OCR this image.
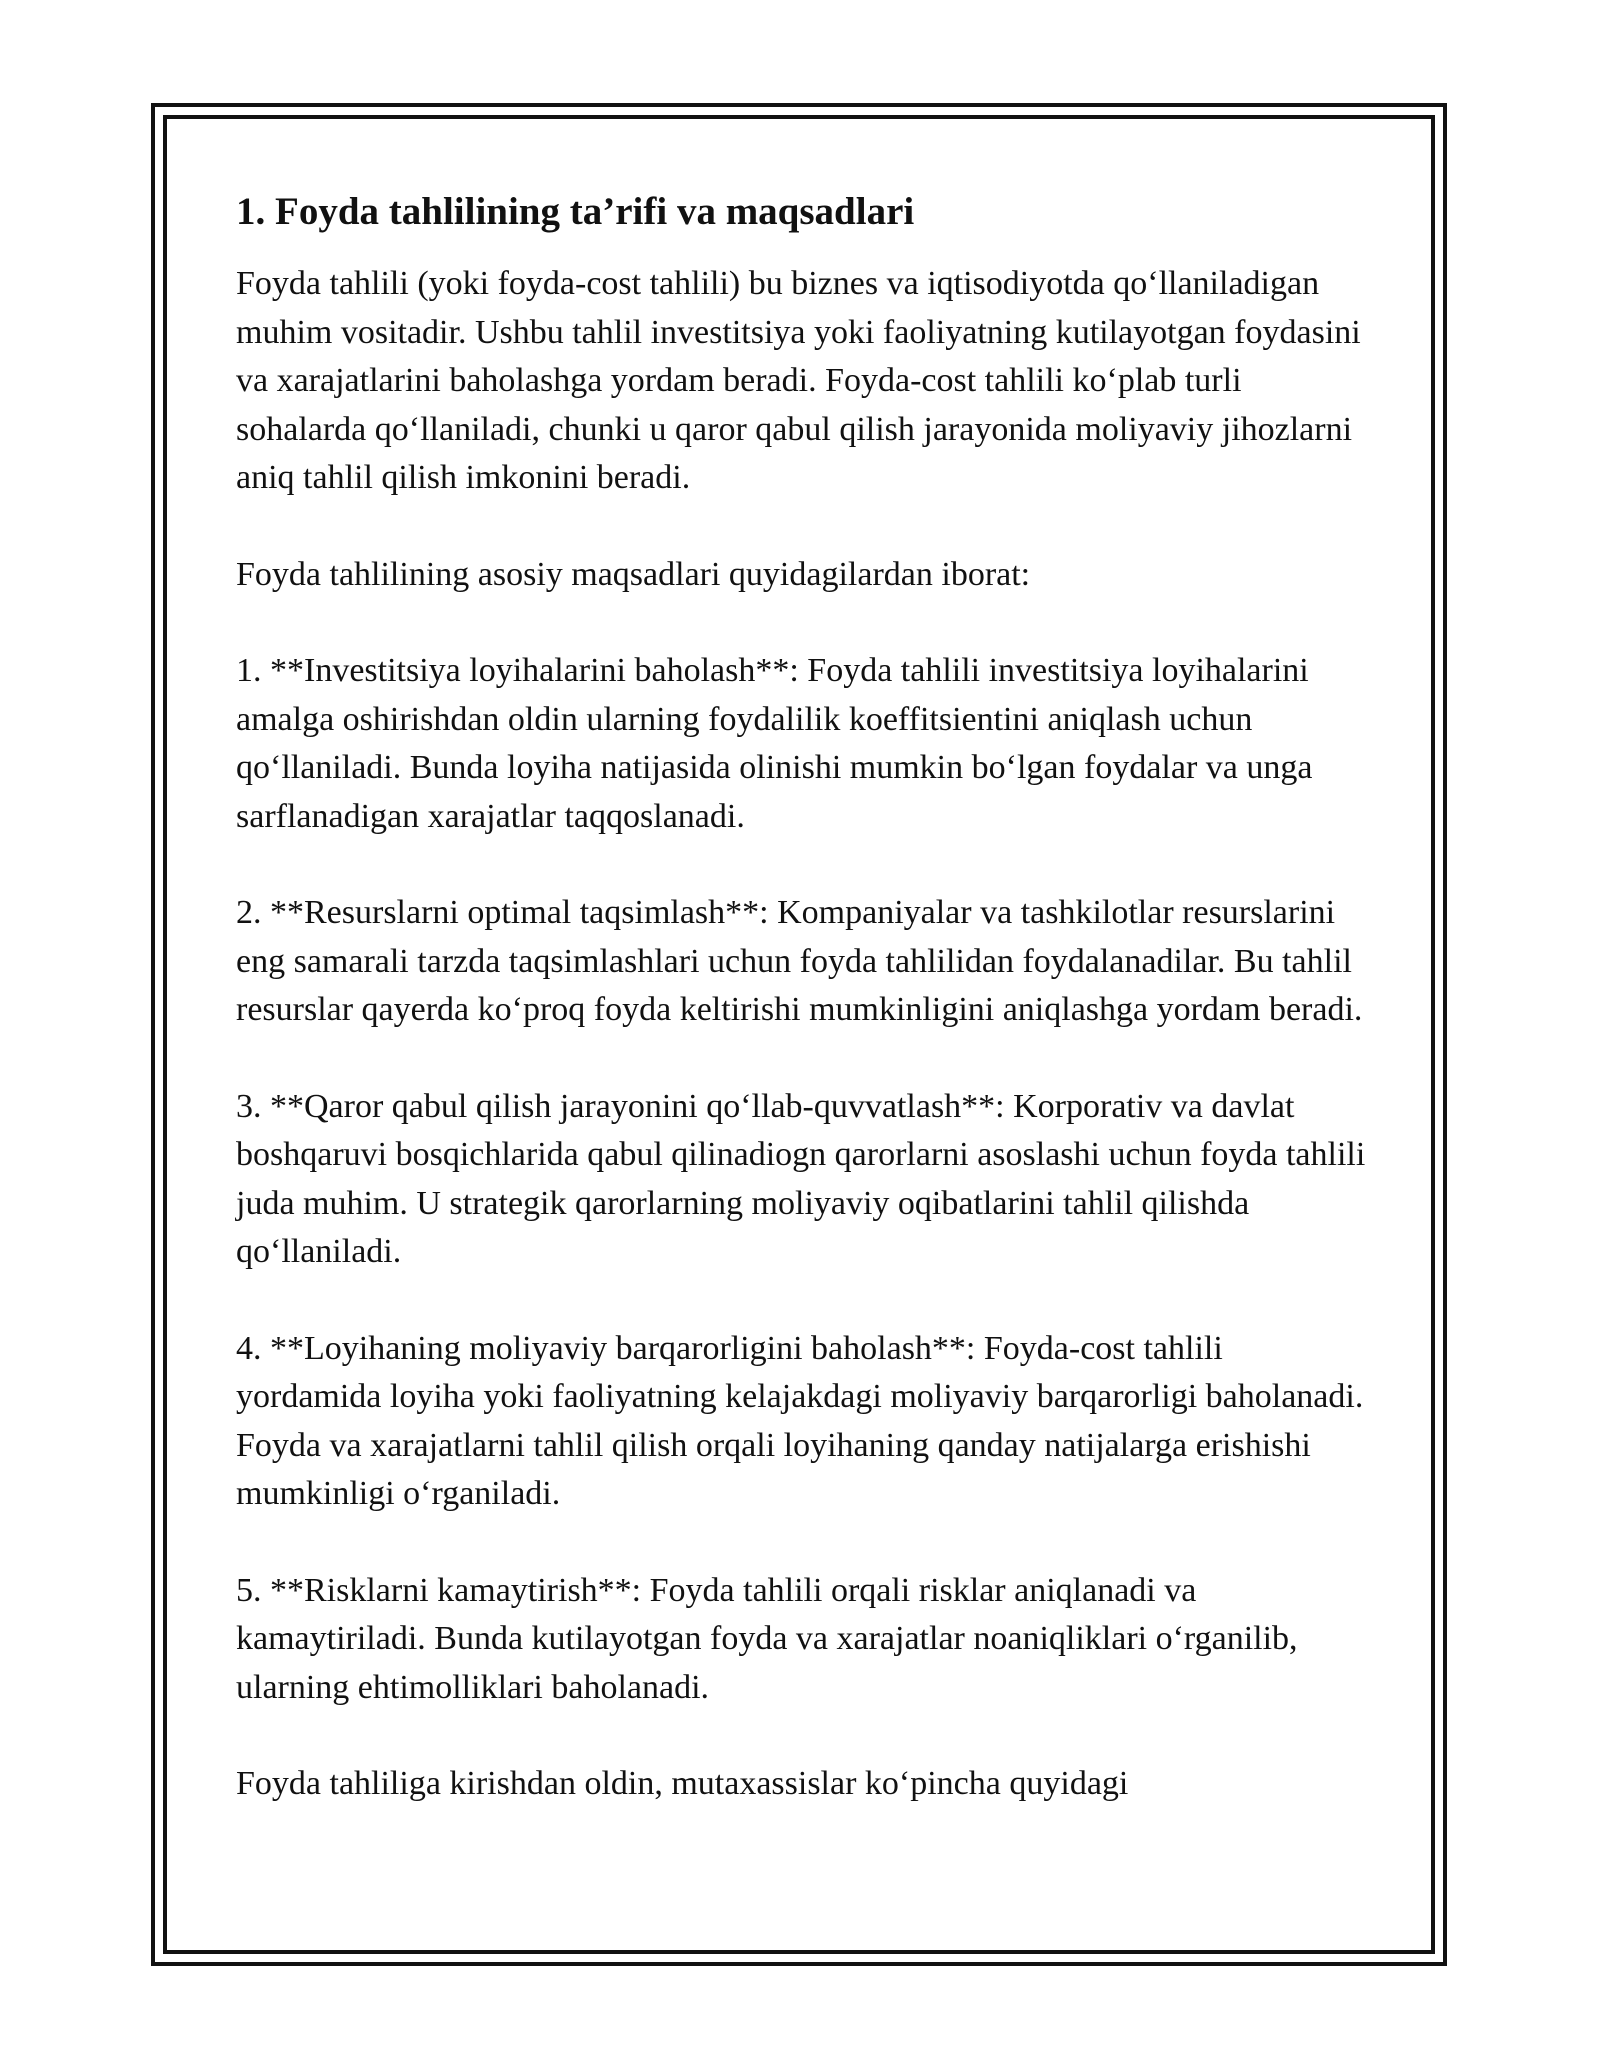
1. Foyda tahlilining ta’rifi va maqsadlari

Foyda tahlili (yoki foyda-cost tahlili) bu biznes va iqtisodiyotda qo‘llaniladigan muhim vositadir. Ushbu tahlil investitsiya yoki faoliyatning kutilayotgan foydasini va xarajatlarini baholashga yordam beradi. Foyda-cost tahlili ko‘plab turli sohalarda qo‘llaniladi, chunki u qaror qabul qilish jarayonida moliyaviy jihozlarni aniq tahlil qilish imkonini beradi.

Foyda tahlilining asosiy maqsadlari quyidagilardan iborat:

1. **Investitsiya loyihalarini baholash**: Foyda tahlili investitsiya loyihalarini amalga oshirishdan oldin ularning foydalilik koeffitsientini aniqlash uchun qo‘llaniladi. Bunda loyiha natijasida olinishi mumkin bo‘lgan foydalar va unga sarflanadigan xarajatlar taqqoslanadi.

2. **Resurslarni optimal taqsimlash**: Kompaniyalar va tashkilotlar resurslarini eng samarali tarzda taqsimlashlari uchun foyda tahlilidan foydalanadilar. Bu tahlil resurslar qayerda ko‘proq foyda keltirishi mumkinligini aniqlashga yordam beradi.

3. **Qaror qabul qilish jarayonini qo‘llab-quvvatlash**: Korporativ va davlat boshqaruvi bosqichlarida qabul qilinadiogn qarorlarni asoslashi uchun foyda tahlili juda muhim. U strategik qarorlarning moliyaviy oqibatlarini tahlil qilishda qo‘llaniladi.

4. **Loyihaning moliyaviy barqarorligini baholash**: Foyda-cost tahlili yordamida loyiha yoki faoliyatning kelajakdagi moliyaviy barqarorligi baholanadi. Foyda va xarajatlarni tahlil qilish orqali loyihaning qanday natijalarga erishishi mumkinligi o‘rganiladi.

5. **Risklarni kamaytirish**: Foyda tahlili orqali risklar aniqlanadi va kamaytiriladi. Bunda kutilayotgan foyda va xarajatlar noaniqliklari o‘rganilib, ularning ehtimolliklari baholanadi.

Foyda tahliliga kirishdan oldin, mutaxassislar ko‘pincha quyidagi
